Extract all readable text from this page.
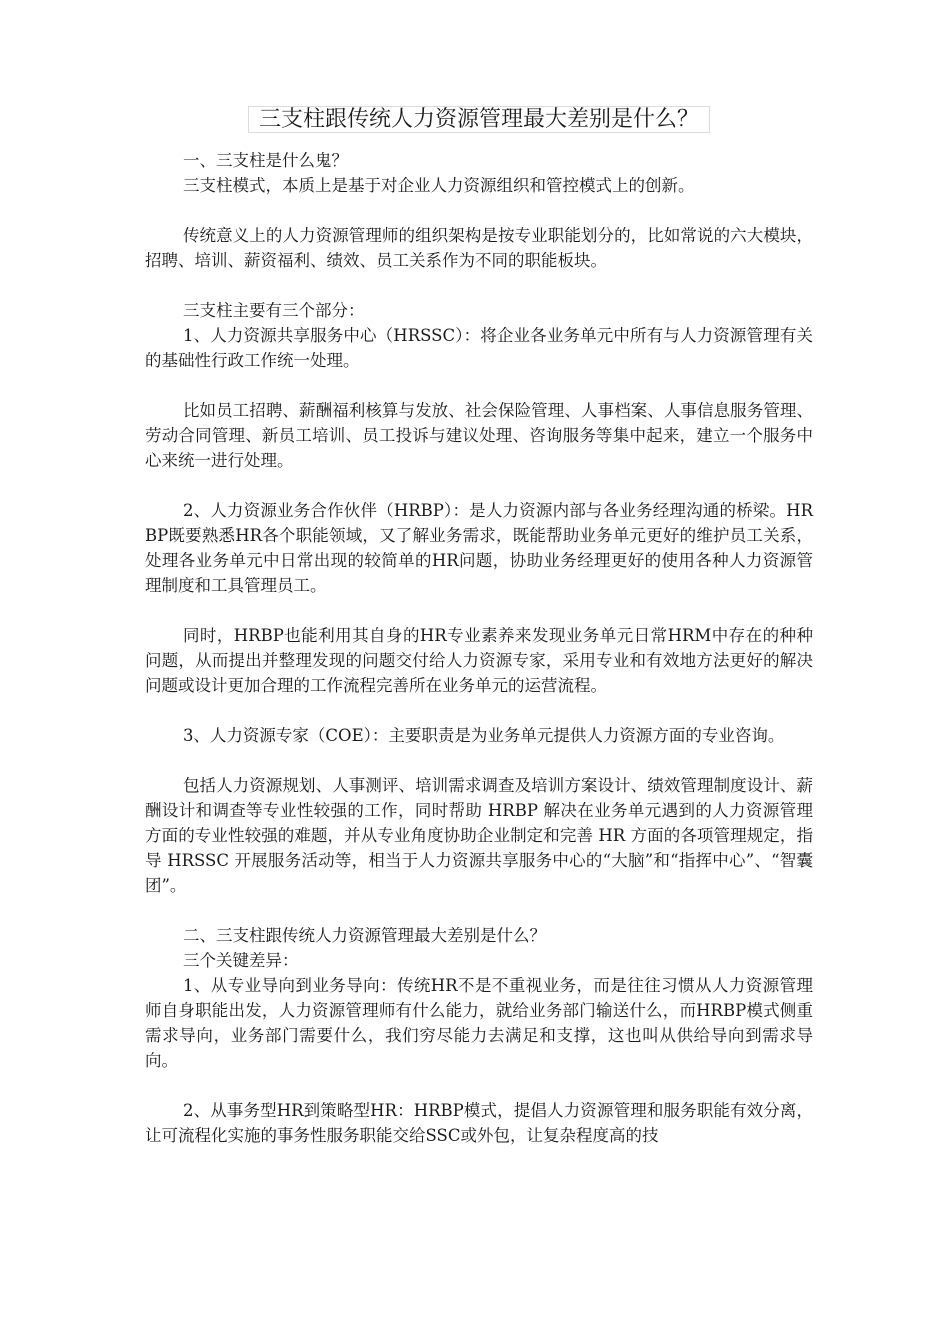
三支柱跟传统人力资源管理最大差别是什么？

一、三支柱是什么鬼？

三支柱模式，本质上是基于对企业人力资源组织和管控模式上的创新。

传统意义上的人力资源管理师的组织架构是按专业职能划分的，比如常说的六大模块，招聘、培训、薪资福利、绩效、员工关系作为不同的职能板块。

三支柱主要有三个部分：

1、人力资源共享服务中心（HRSSC）：将企业各业务单元中所有与人力资源管理有关的基础性行政工作统一处理。

比如员工招聘、薪酬福利核算与发放、社会保险管理、人事档案、人事信息服务管理、劳动合同管理、新员工培训、员工投诉与建议处理、咨询服务等集中起来，建立一个服务中心来统一进行处理。

2、人力资源业务合作伙伴（HRBP）：是人力资源内部与各业务经理沟通的桥梁。HRBP既要熟悉HR各个职能领域，又了解业务需求，既能帮助业务单元更好的维护员工关系，处理各业务单元中日常出现的较简单的HR问题，协助业务经理更好的使用各种人力资源管理制度和工具管理员工。

同时，HRBP也能利用其自身的HR专业素养来发现业务单元日常HRM中存在的种种问题，从而提出并整理发现的问题交付给人力资源专家，采用专业和有效地方法更好的解决问题或设计更加合理的工作流程完善所在业务单元的运营流程。

3、人力资源专家（COE）：主要职责是为业务单元提供人力资源方面的专业咨询。

包括人力资源规划、人事测评、培训需求调查及培训方案设计、绩效管理制度设计、薪酬设计和调查等专业性较强的工作，同时帮助 HRBP 解决在业务单元遇到的人力资源管理方面的专业性较强的难题，并从专业角度协助企业制定和完善 HR 方面的各项管理规定，指导 HRSSC 开展服务活动等，相当于人力资源共享服务中心的“大脑”和“指挥中心”、“智囊团”。

二、三支柱跟传统人力资源管理最大差别是什么？

三个关键差异：

1、从专业导向到业务导向：传统HR不是不重视业务，而是往往习惯从人力资源管理师自身职能出发，人力资源管理师有什么能力，就给业务部门输送什么，而HRBP模式侧重需求导向，业务部门需要什么，我们穷尽能力去满足和支撑，这也叫从供给导向到需求导向。

2、从事务型HR到策略型HR：HRBP模式，提倡人力资源管理和服务职能有效分离，让可流程化实施的事务性服务职能交给SSC或外包，让复杂程度高的技
